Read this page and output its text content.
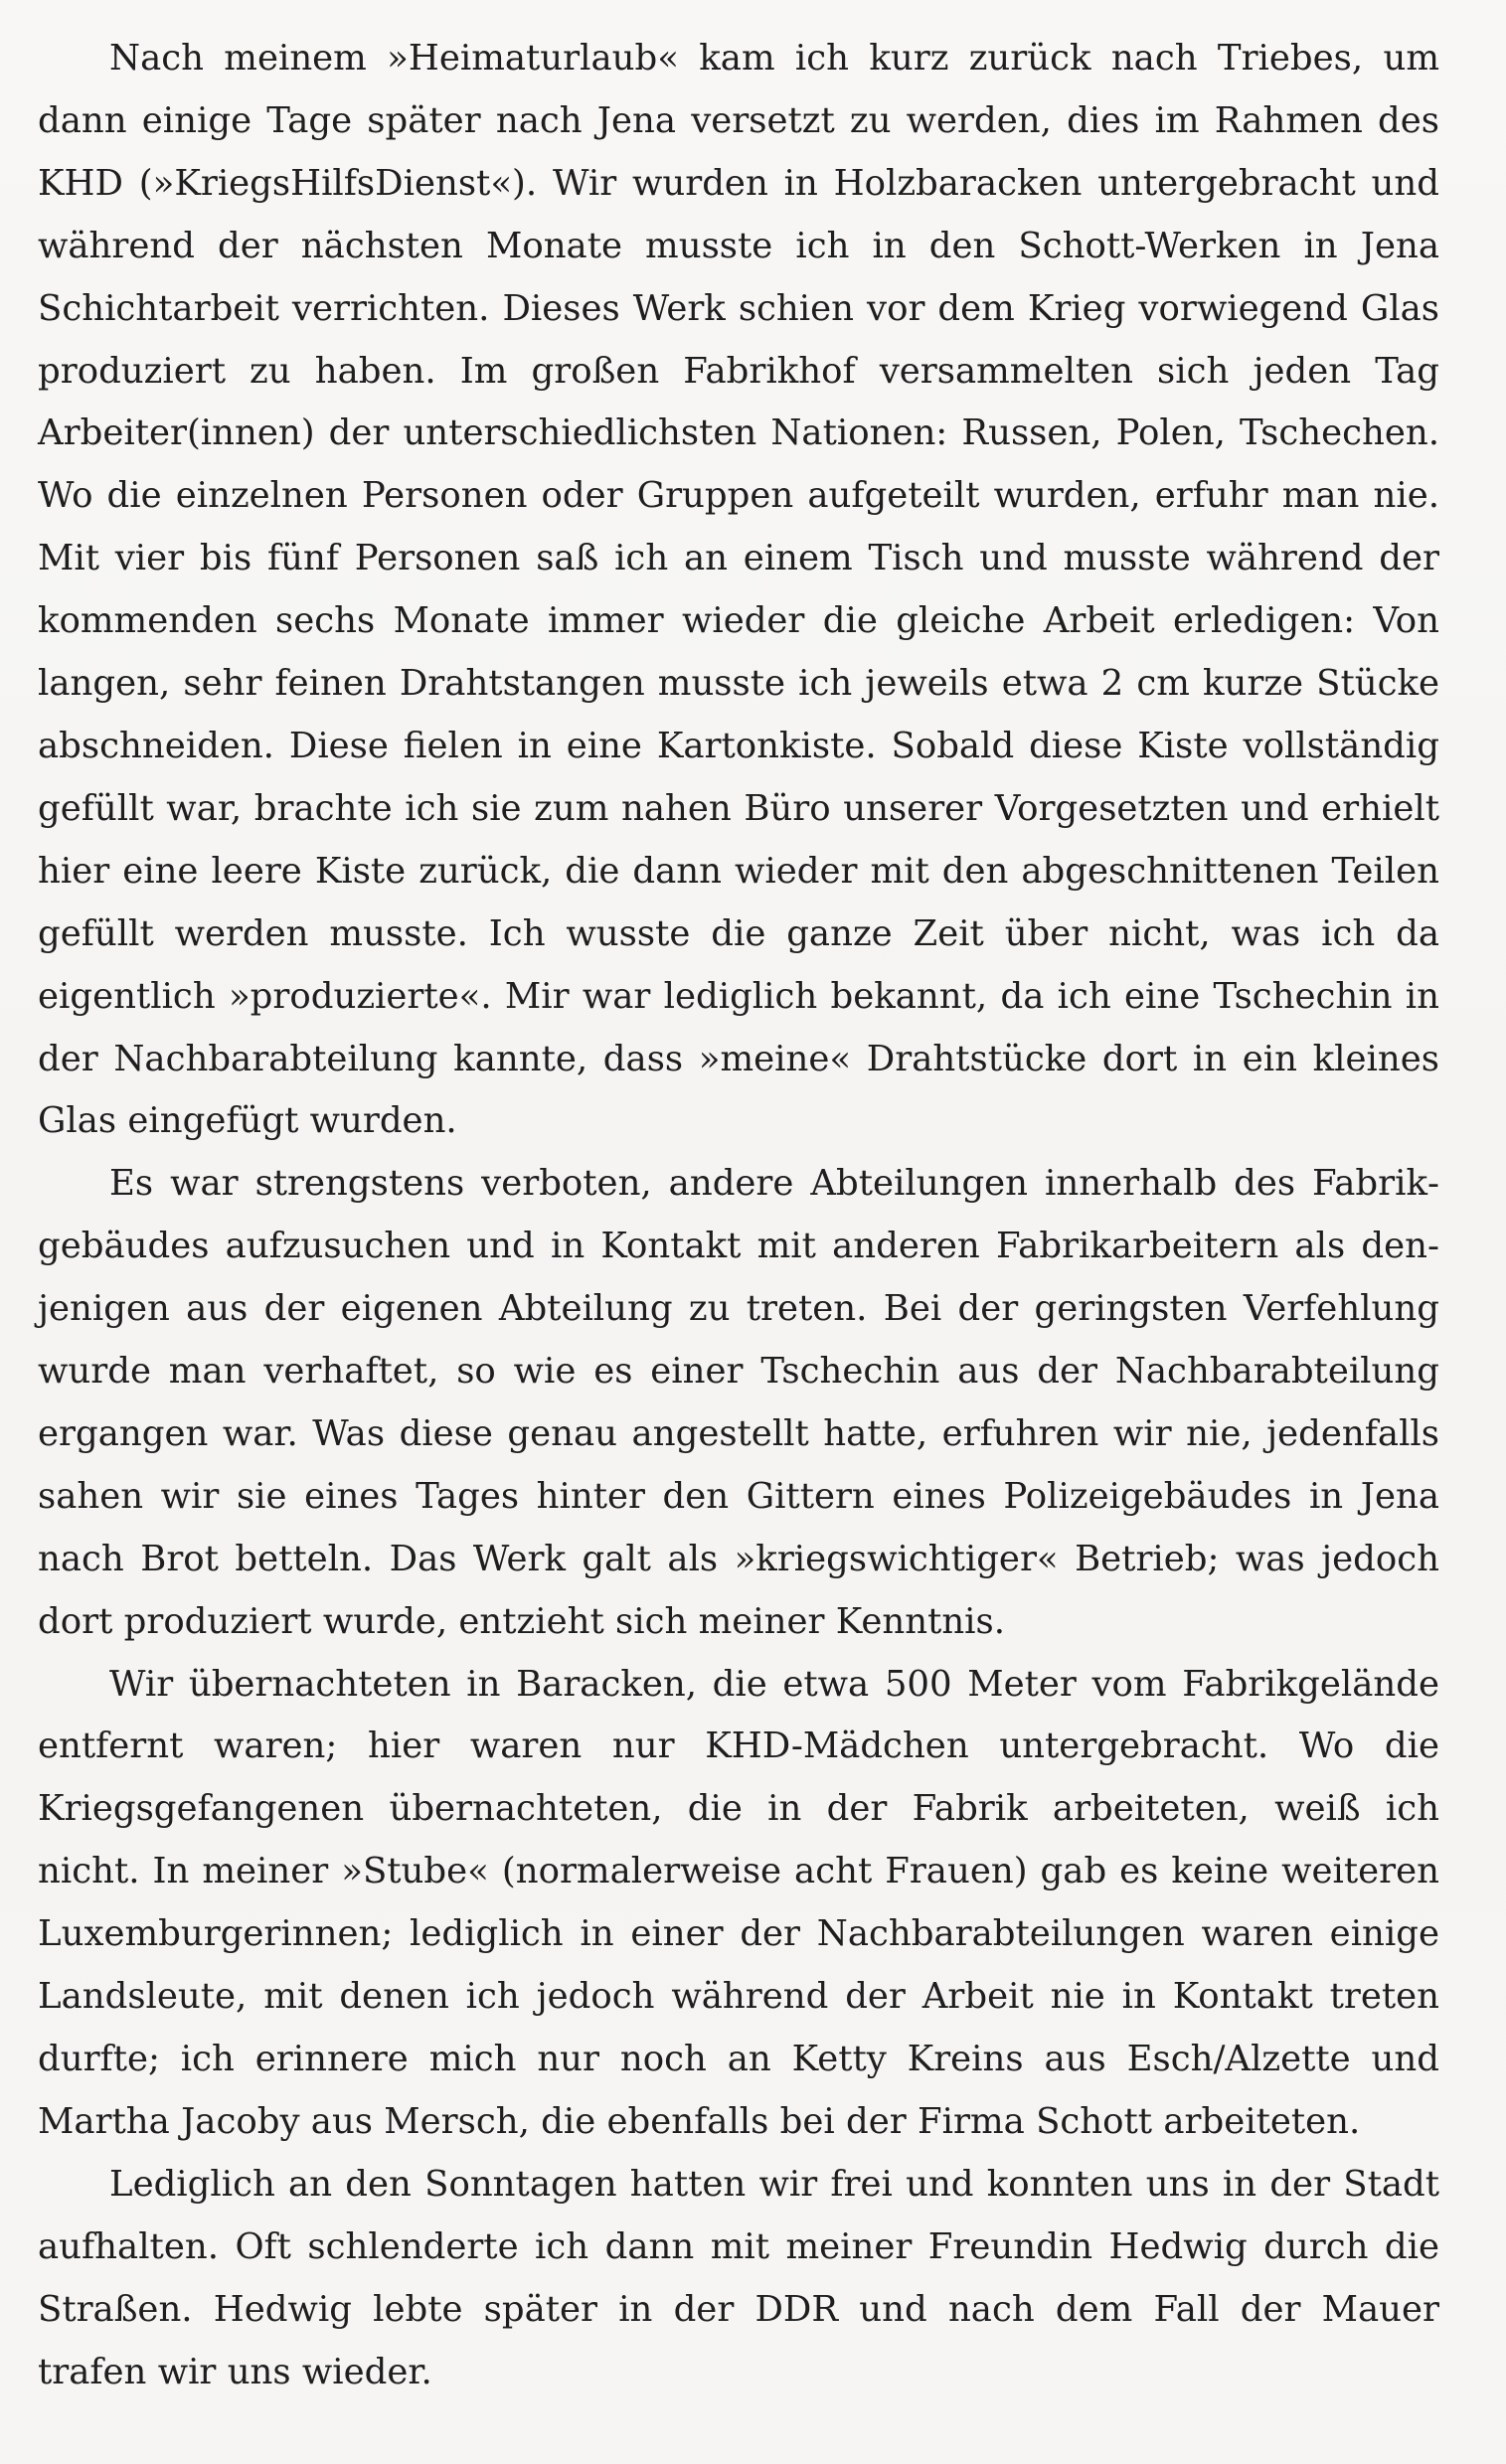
Nach meinem »Heimaturlaub« kam ich kurz zurück nach Triebes, um dann einige Tage später nach Jena versetzt zu werden, dies im Rahmen des KHD (»KriegsHilfsDienst«). Wir wurden in Holzbaracken untergebracht und während der nächsten Monate musste ich in den Schott-Werken in Jena Schichtarbeit verrichten. Dieses Werk schien vor dem Krieg vorwiegend Glas produziert zu haben. Im großen Fabrikhof versammelten sich jeden Tag Arbeiter(innen) der unterschiedlichsten Nationen: Russen, Polen, Tschechen. Wo die einzelnen Personen oder Gruppen aufgeteilt wurden, erfuhr man nie. Mit vier bis fünf Personen saß ich an einem Tisch und musste während der kommenden sechs Monate immer wieder die gleiche Arbeit erledigen: Von langen, sehr feinen Drahtstangen musste ich jeweils etwa 2 cm kurze Stücke abschneiden. Diese fielen in eine Kartonkiste. Sobald diese Kiste vollständig gefüllt war, brachte ich sie zum nahen Büro unserer Vorgesetzten und erhielt hier eine leere Kiste zurück, die dann wieder mit den abgeschnittenen Teilen gefüllt werden musste. Ich wusste die ganze Zeit über nicht, was ich da eigentlich »produzierte«. Mir war lediglich bekannt, da ich eine Tschechin in der Nachbarabteilung kannte, dass »meine« Drahtstücke dort in ein kleines Glas eingefügt wurden.

Es war strengstens verboten, andere Abteilungen innerhalb des Fabrikgebäudes aufzusuchen und in Kontakt mit anderen Fabrikarbeitern als denjenigen aus der eigenen Abteilung zu treten. Bei der geringsten Verfehlung wurde man verhaftet, so wie es einer Tschechin aus der Nachbarabteilung ergangen war. Was diese genau angestellt hatte, erfuhren wir nie, jedenfalls sahen wir sie eines Tages hinter den Gittern eines Polizeigebäudes in Jena nach Brot betteln. Das Werk galt als »kriegswichtiger« Betrieb; was jedoch dort produziert wurde, entzieht sich meiner Kenntnis.

Wir übernachteten in Baracken, die etwa 500 Meter vom Fabrikgelände entfernt waren; hier waren nur KHD-Mädchen untergebracht. Wo die Kriegsgefangenen übernachteten, die in der Fabrik arbeiteten, weiß ich nicht. In meiner »Stube« (normalerweise acht Frauen) gab es keine weiteren Luxemburgerinnen; lediglich in einer der Nachbarabteilungen waren einige Landsleute, mit denen ich jedoch während der Arbeit nie in Kontakt treten durfte; ich erinnere mich nur noch an Ketty Kreins aus Esch/Alzette und Martha Jacoby aus Mersch, die ebenfalls bei der Firma Schott arbeiteten.

Lediglich an den Sonntagen hatten wir frei und konnten uns in der Stadt aufhalten. Oft schlenderte ich dann mit meiner Freundin Hedwig durch die Straßen. Hedwig lebte später in der DDR und nach dem Fall der Mauer trafen wir uns wieder.
